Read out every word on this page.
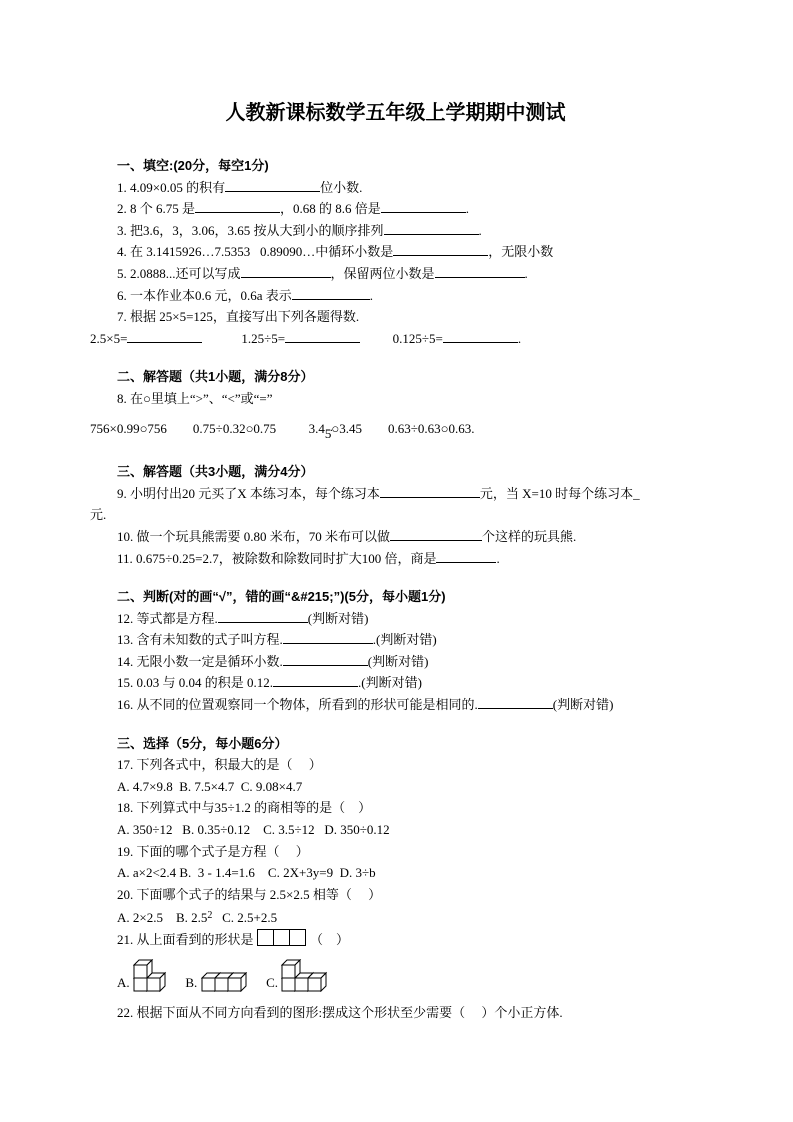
人教新课标数学五年级上学期期中测试
一、填空:(20分，每空1分)
1. 4.09×0.05 的积有	位小数.
2. 8 个 6.75 是	，0.68 的 8.6 倍是	.
3. 把3.6，3，3.06，3.65 按从大到小的顺序排列	.
4. 在 3.1415926…7.5353   0.89090…中循环小数是	，无限小数
5. 2.0888...还可以写成	，保留两位小数是	.
6. 一本作业本0.6 元，0.6a 表示	.
7. 根据 25×5=125，直接写出下列各题得数.
2.5×5=	1.25÷5=	0.125÷5=	.
二、解答题（共1小题，满分8分）
8. 在○里填上“>”、“<”或“=”
756×0.99○756        0.75÷0.32○0.75          3.45̇○3.45        0.63÷0.63○0.63.
三、解答题（共3小题，满分4分）
9. 小明付出20 元买了X 本练习本，每个练习本	元，当 X=10 时每个练习本_
元.
10. 做一个玩具熊需要 0.80 米布，70 米布可以做	个这样的玩具熊.
11. 0.675÷0.25=2.7，被除数和除数同时扩大100 倍，商是	.
二、判断(对的画“√”，错的画“&#215;”)(5分，每小题1分)
12. 等式都是方程.	(判断对错)
13. 含有未知数的式子叫方程.	.(判断对错)
14. 无限小数一定是循环小数.	(判断对错)
15. 0.03 与 0.04 的积是 0.12.	.(判断对错)
16. 从不同的位置观察同一个物体，所看到的形状可能是相同的.	(判断对错)
三、选择（5分，每小题6分）
17. 下列各式中，积最大的是（     ）
A. 4.7×9.8  B. 7.5×4.7  C. 9.08×4.7
18. 下列算式中与35÷1.2 的商相等的是（    ）
A. 350÷12   B. 0.35÷0.12    C. 3.5÷12   D. 350÷0.12
19. 下面的哪个式子是方程（     ）
A. a×2<2.4 B.  3 - 1.4=1.6    C. 2X+3y=9  D. 3÷b
20. 下面哪个式子的结果与 2.5×2.5 相等（     ）
A. 2×2.5    B. $2.5^2$   C. 2.5+2.5
21. 从上面看到的形状是	（    ）
A.	B.	C.
22. 根据下面从不同方向看到的图形:摆成这个形状至少需要（     ）个小正方体.
